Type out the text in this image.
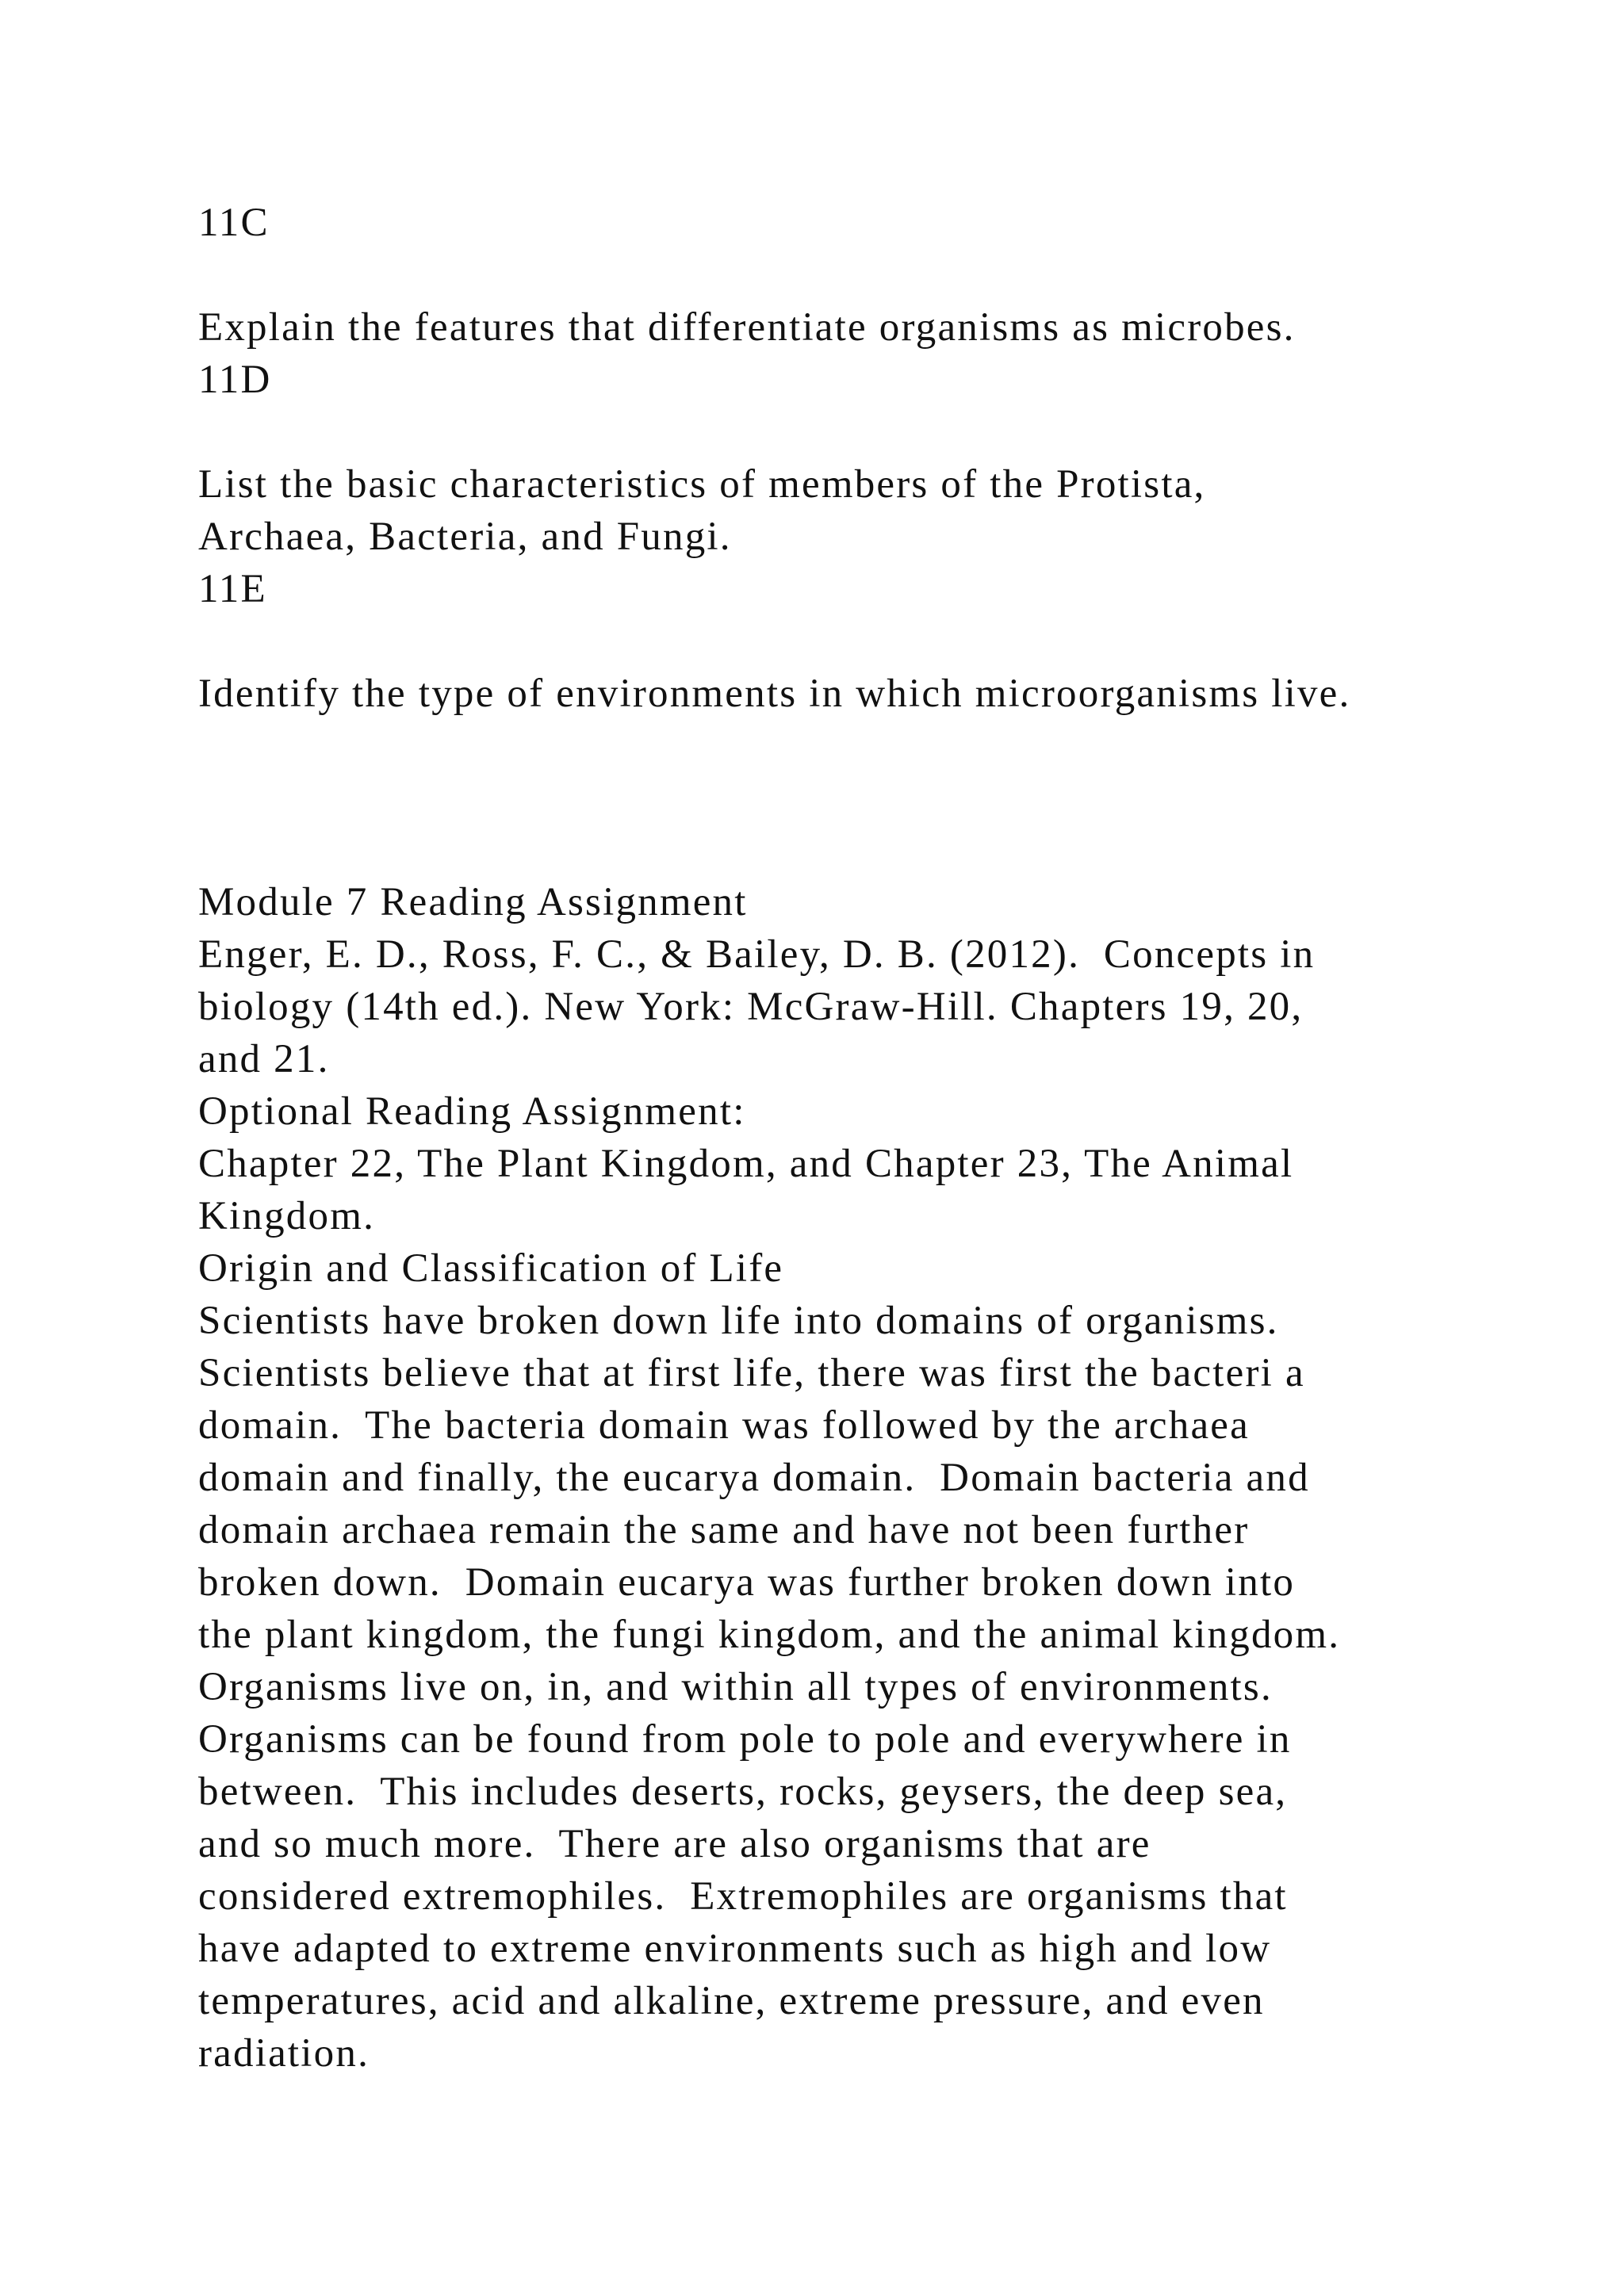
11C
Explain the features that differentiate organisms as microbes.
11D
List the basic characteristics of members of the Protista,
Archaea, Bacteria, and Fungi.
11E
Identify the type of environments in which microorganisms live.
Module 7 Reading Assignment
Enger, E. D., Ross, F. C., & Bailey, D. B. (2012).  Concepts in
biology (14th ed.). New York: McGraw-Hill. Chapters 19, 20,
and 21.
Optional Reading Assignment:
Chapter 22, The Plant Kingdom, and Chapter 23, The Animal
Kingdom.
Origin and Classification of Life
Scientists have broken down life into domains of organisms.
Scientists believe that at first life, there was first the bacteri a
domain.  The bacteria domain was followed by the archaea
domain and finally, the eucarya domain.  Domain bacteria and
domain archaea remain the same and have not been further
broken down.  Domain eucarya was further broken down into
the plant kingdom, the fungi kingdom, and the animal kingdom.
Organisms live on, in, and within all types of environments.
Organisms can be found from pole to pole and everywhere in
between.  This includes deserts, rocks, geysers, the deep sea,
and so much more.  There are also organisms that are
considered extremophiles.  Extremophiles are organisms that
have adapted to extreme environments such as high and low
temperatures, acid and alkaline, extreme pressure, and even
radiation.
